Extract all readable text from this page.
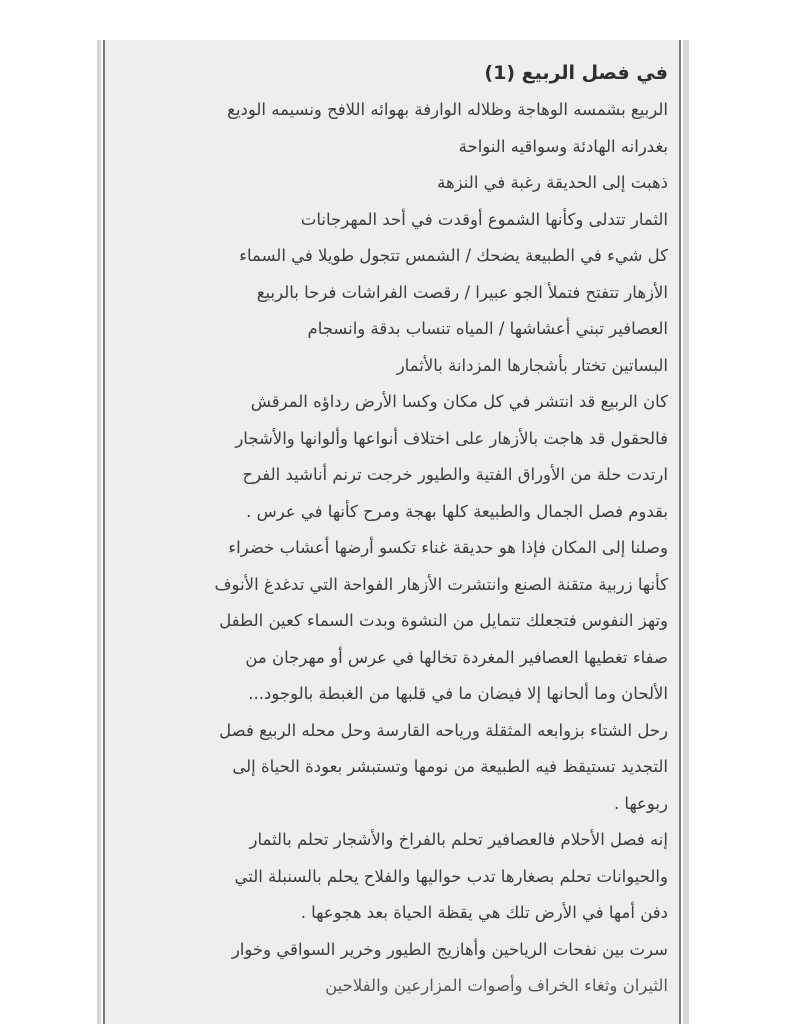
في فصل الربيع (1)
الربيع بشمسه الوهاجة وظلاله الوارفة بهوائه اللافح ونسيمه الوديع
بغدرانه الهادئة وسواقيه النواحة
ذهبت إلى الحديقة رغبة في النزهة
الثمار تتدلى وكأنها الشموع أوقدت في أحد المهرجانات
كل شيء في الطبيعة يضحك / الشمس تتجول طويلا في السماء
الأزهار تتفتح فتملأ الجو عبيرا / رقصت الفراشات فرحا بالربيع
العصافير تبني أعشاشها / المياه تنساب بدقة وانسجام
البساتين تختار بأشجارها المزدانة بالأثمار
كان الربيع قد انتشر في كل مكان وكسا الأرض رداؤه المرقش
فالحقول قد هاجت بالأزهار على اختلاف أنواعها وألوانها والأشجار
ارتدت حلة من الأوراق الفتية والطيور خرجت ترنم أناشيد الفرح
بقدوم فصل الجمال والطبيعة كلها بهجة ومرح كأنها في عرس .
وصلنا إلى المكان فإذا هو حديقة غناء تكسو أرضها أعشاب خضراء
كأنها زربية متقنة الصنع وانتشرت الأزهار الفواحة التي تدغدغ الأنوف
وتهز النفوس فتجعلك تتمايل من النشوة وبدت السماء كعين الطفل
صفاء تغطيها العصافير المغردة تخالها في عرس أو مهرجان من
الألحان وما ألحانها إلا فيضان ما في قلبها من الغبطة بالوجود...
رحل الشتاء بزوابعه المثقلة ورياحه القارسة وحل محله الربيع فصل
التجديد تستيقظ فيه الطبيعة من نومها وتستبشر بعودة الحياة إلى
ربوعها .
إنه فصل الأحلام فالعصافير تحلم بالفراخ والأشجار تحلم بالثمار
والحيوانات تحلم بصغارها تدب حواليها والفلاح يحلم بالسنبلة التي
دفن أمها في الأرض تلك هي يقظة الحياة بعد هجوعها .
سرت بين نفحات الرياحين وأهازيج الطيور وخرير السواقي وخوار
الثيران وثغاء الخراف وأصوات المزارعين والفلاحين
